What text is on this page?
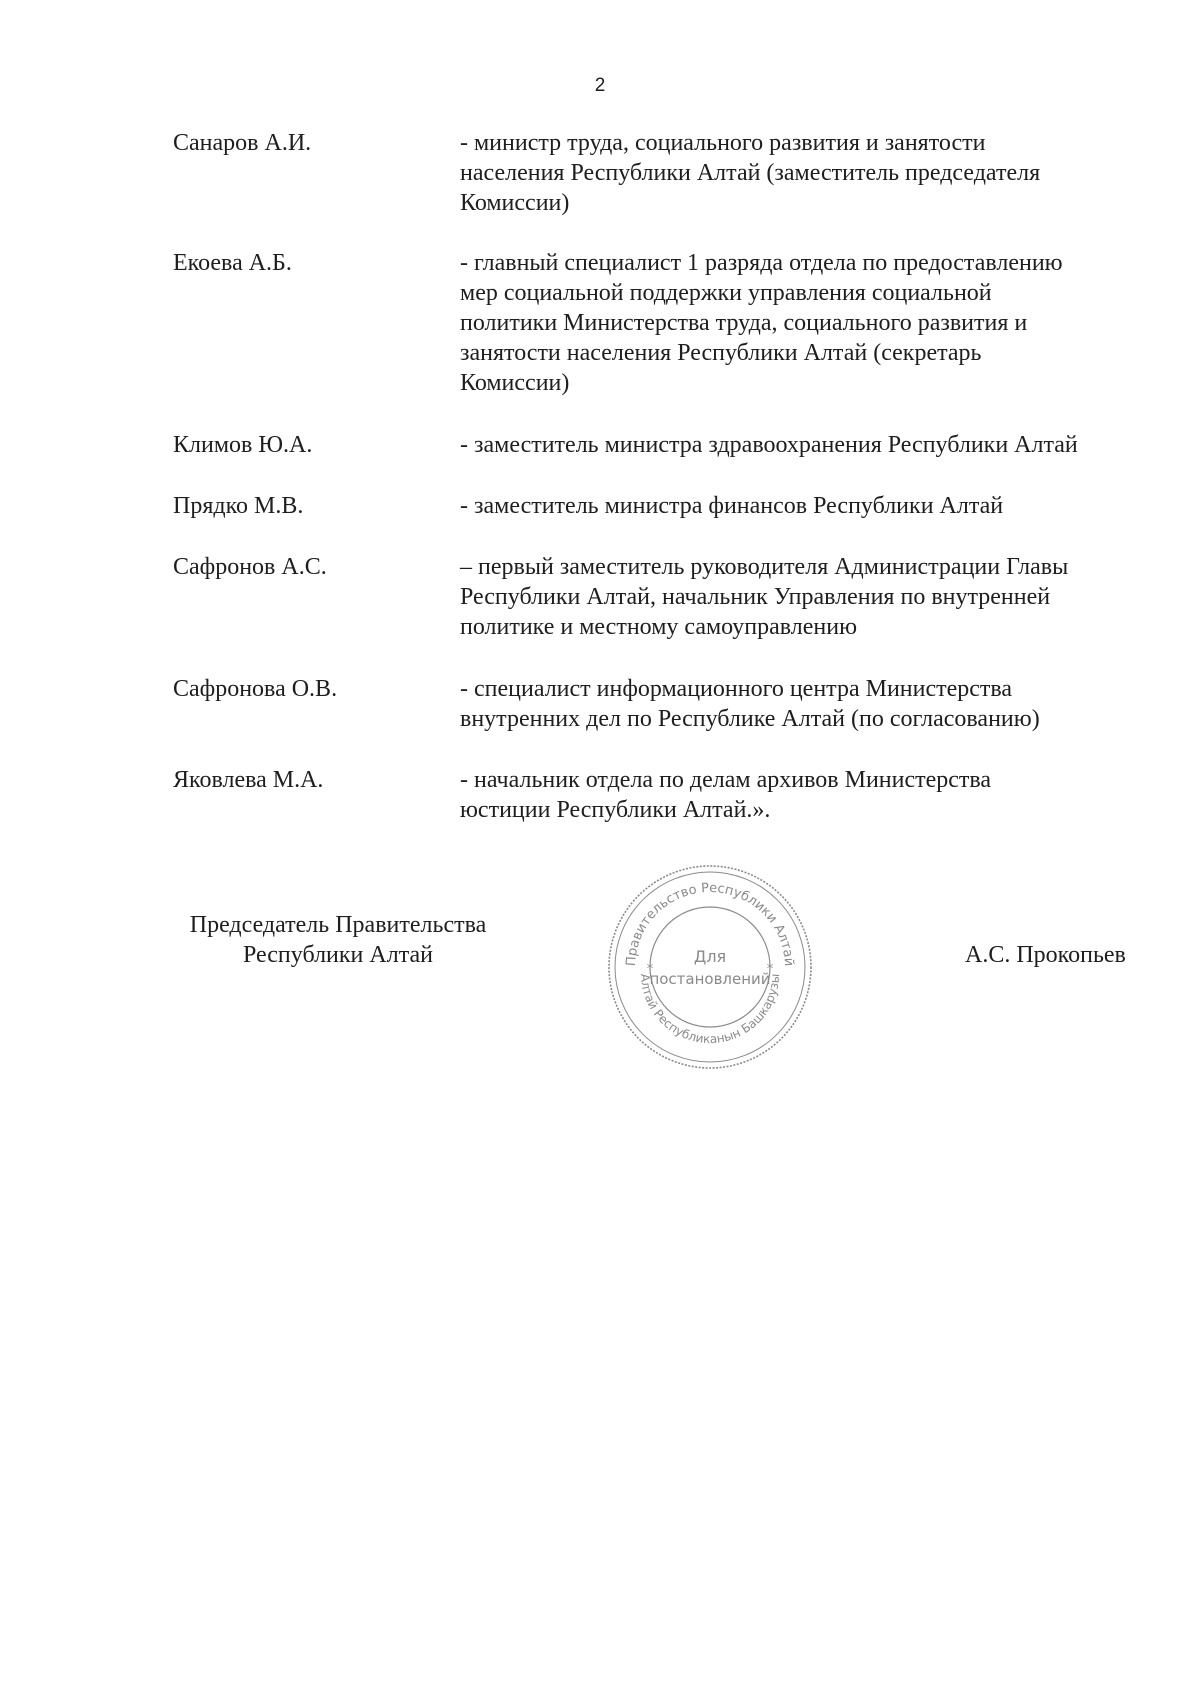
2
Санаров А.И.	- министр труда, социального развития и занятости
населения Республики Алтай (заместитель председателя
Комиссии)
Екоева А.Б.	- главный специалист 1 разряда отдела по предоставлению
мер социальной поддержки управления социальной
политики Министерства труда, социального развития и
занятости населения Республики Алтай (секретарь
Комиссии)
Климов Ю.А.	- заместитель министра здравоохранения Республики Алтай
Прядко М.В.	- заместитель министра финансов Республики Алтай
Сафронов А.С.	– первый заместитель руководителя Администрации Главы
Республики Алтай, начальник Управления по внутренней
политике и местному самоуправлению
Сафронова О.В.	- специалист информационного центра Министерства
внутренних дел по Республике Алтай (по согласованию)
Яковлева М.А.	- начальник отдела по делам архивов Министерства
юстиции Республики Алтай.».
Председатель Правительства
Республики Алтай	А.С. Прокопьев
Правительство Республики Алтай
Алтай Республиканын Башкарузы
*	*
Для
постановлений
